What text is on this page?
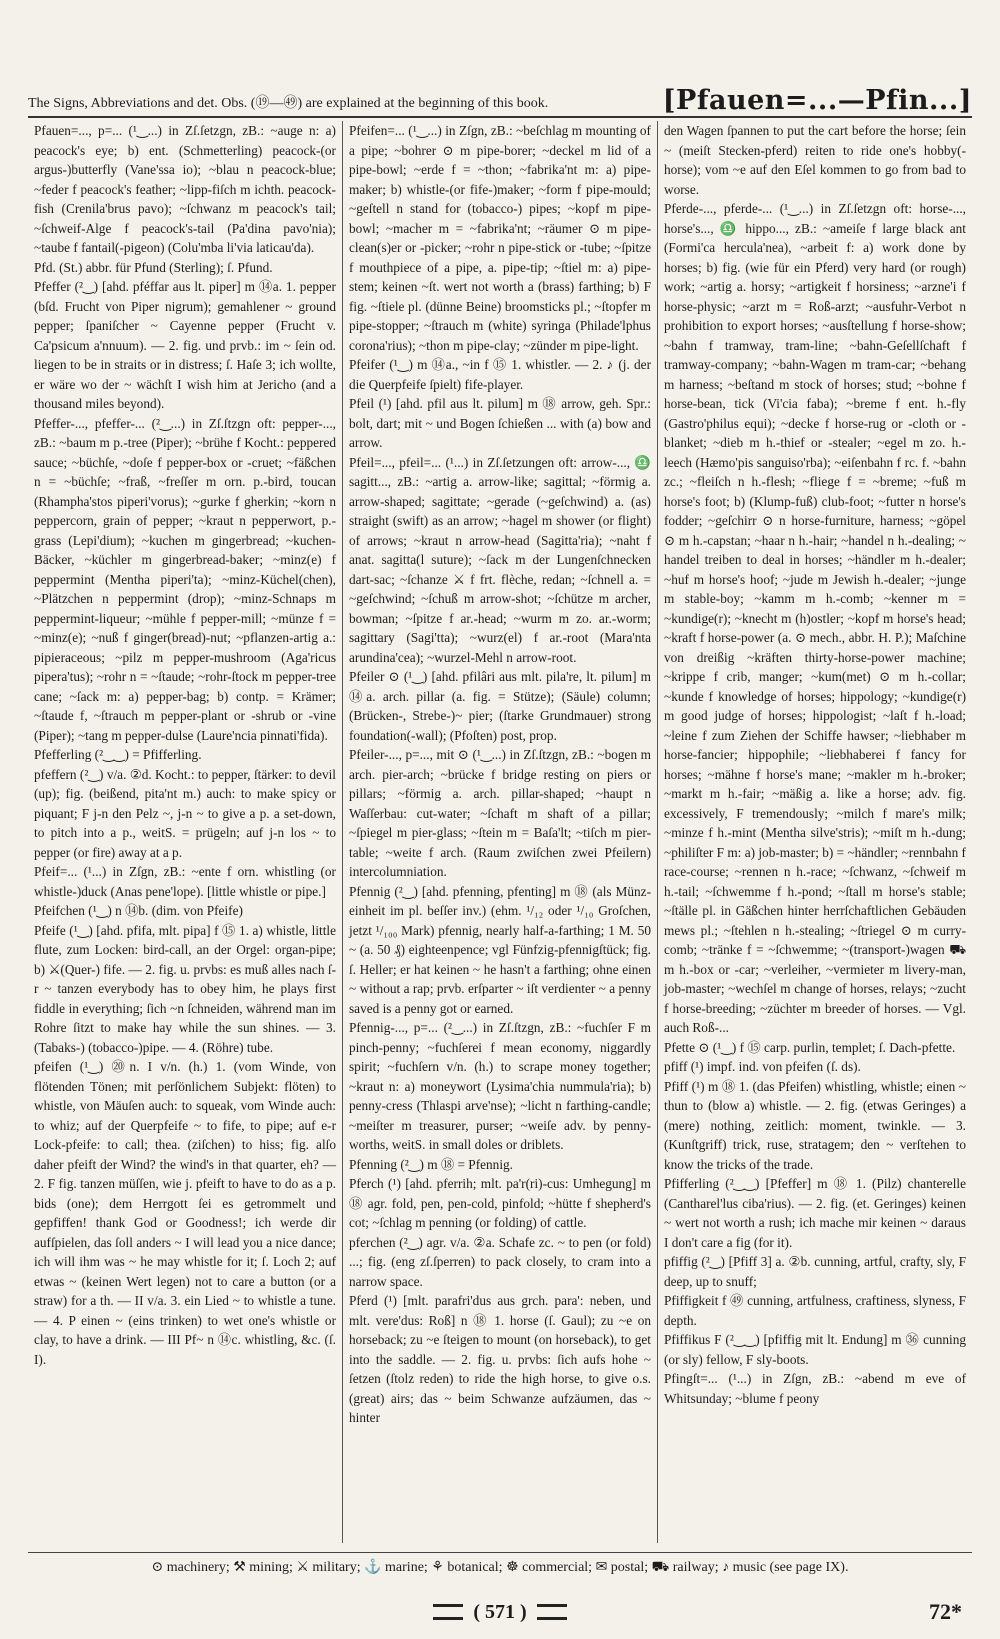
The Signs, Abbreviations and det. Obs. (⑲—㊾) are explained at the beginning of this book.	[Pfauen=...—Pfin...]

Pfauen=..., p=... (¹‿...) in Zſ.ſetzgn, zB.: ~auge n: a) peacock's eye; b) ent. (Schmetterling) peacock-(or argus-)butterfly (Vane'ssa io); ~blau n peacock-blue; ~feder f peacock's feather; ~lipp-fiſch m ichth. peacock-fish (Crenila'brus pavo); ~ſchwanz m peacock's tail; ~ſchweif-Alge f peacock's-tail (Pa'dina pavo'nia); ~taube f fantail(-pigeon) (Colu'mba li'via laticau'da).

Pfd. (St.) abbr. für Pfund (Sterling); ſ. Pfund.

Pfeffer (²‿) [ahd. pféffar aus lt. piper] m ⑭a. 1. pepper (bſd. Frucht von Piper nigrum); gemahlener ~ ground pepper; ſpaniſcher ~ Cayenne pepper (Frucht v. Ca'psicum a'nnuum). — 2. fig. und prvb.: im ~ ſein od. liegen to be in straits or in distress; ſ. Haſe 3; ich wollte, er wäre wo der ~ wächſt I wish him at Jericho (and a thousand miles beyond).

Pfeffer-..., pfeffer-... (²‿...) in Zſ.ſtzgn oft: pepper-..., zB.: ~baum m p.-tree (Piper); ~brühe f Kocht.: peppered sauce; ~büchſe, ~doſe f pepper-box or -cruet; ~fäßchen n = ~büchſe; ~fraß, ~freſſer m orn. p.-bird, toucan (Rhampha'stos piperi'vorus); ~gurke f gherkin; ~korn n peppercorn, grain of pepper; ~kraut n pepperwort, p.-grass (Lepi'dium); ~kuchen m gingerbread; ~kuchen-Bäcker, ~küchler m gingerbread-baker; ~minz(e) f peppermint (Mentha piperi'ta); ~minz-Küchel(chen), ~Plätzchen n peppermint (drop); ~minz-Schnaps m peppermint-liqueur; ~mühle f pepper-mill; ~münze f = ~minz(e); ~nuß f ginger(bread)-nut; ~pflanzen-artig a.: pipieraceous; ~pilz m pepper-mushroom (Aga'ricus pipera'tus); ~rohr n = ~ſtaude; ~rohr-ſtock m pepper-tree cane; ~ſack m: a) pepper-bag; b) contp. = Krämer; ~ſtaude f, ~ſtrauch m pepper-plant or -shrub or -vine (Piper); ~tang m pepper-dulse (Laure'ncia pinnati'fida).

Pfefferling (²‿‿) = Pfifferling.

pfeffern (²‿) v/a. ②d. Kocht.: to pepper, ſtärker: to devil (up); fig. (beißend, pita'nt m.) auch: to make spicy or piquant; F j-n den Pelz ~, j-n ~ to give a p. a set-down, to pitch into a p., weitS. = prügeln; auf j-n los ~ to pepper (or fire) away at a p.

Pfeif=... (¹...) in Zſgn, zB.: ~ente f orn. whistling (or whistle-)duck (Anas pene'lope). [little whistle or pipe.]

Pfeifchen (¹‿) n ⑭b. (dim. von Pfeife)

Pfeife (¹‿) [ahd. pfifa, mlt. pipa] f ⑮ 1. a) whistle, little flute, zum Locken: bird-call, an der Orgel: organ-pipe; b) ⚔(Quer-) fife. — 2. fig. u. prvbs: es muß alles nach ſ-r ~ tanzen everybody has to obey him, he plays first fiddle in everything; ſich ~n ſchneiden, während man im Rohre ſitzt to make hay while the sun shines. — 3. (Tabaks-) (tobacco-)pipe. — 4. (Röhre) tube.

pfeifen (¹‿) ⑳n. I v/n. (h.) 1. (vom Winde, von flötenden Tönen; mit perſönlichem Subjekt: flöten) to whistle, von Mäuſen auch: to squeak, vom Winde auch: to whiz; auf der Querpfeife ~ to fife, to pipe; auf e-r Lock-pfeife: to call; thea. (ziſchen) to hiss; fig. alſo daher pfeift der Wind? the wind's in that quarter, eh? — 2. F fig. tanzen müſſen, wie j. pfeift to have to do as a p. bids (one); dem Herrgott ſei es getrommelt und gepfiffen! thank God or Goodness!; ich werde dir aufſpielen, das ſoll anders ~ I will lead you a nice dance; ich will ihm was ~ he may whistle for it; ſ. Loch 2; auf etwas ~ (keinen Wert legen) not to care a button (or a straw) for a th. — II v/a. 3. ein Lied ~ to whistle a tune. — 4. P einen ~ (eins trinken) to wet one's whistle or clay, to have a drink. — III Pf~ n ⑭c. whistling, &c. (ſ. I).

Pfeifen=... (¹‿...) in Zſgn, zB.: ~beſchlag m mounting of a pipe; ~bohrer ⊙ m pipe-borer; ~deckel m lid of a pipe-bowl; ~erde f = ~thon; ~fabrika'nt m: a) pipe-maker; b) whistle-(or fife-)maker; ~form f pipe-mould; ~geſtell n stand for (tobacco-) pipes; ~kopf m pipe-bowl; ~macher m = ~fabrika'nt; ~räumer ⊙ m pipe-clean(s)er or -picker; ~rohr n pipe-stick or -tube; ~ſpitze f mouthpiece of a pipe, a. pipe-tip; ~ſtiel m: a) pipe-stem; keinen ~ſt. wert not worth a (brass) farthing; b) F fig. ~ſtiele pl. (dünne Beine) broomsticks pl.; ~ſtopfer m pipe-stopper; ~ſtrauch m (white) syringa (Philade'lphus corona'rius); ~thon m pipe-clay; ~zünder m pipe-light.

Pfeifer (¹‿) m ⑭a., ~in f ⑮ 1. whistler. — 2. ♪ (j. der die Querpfeife ſpielt) fife-player.

Pfeil (¹) [ahd. pfil aus lt. pilum] m ⑱ arrow, geh. Spr.: bolt, dart; mit ~ und Bogen ſchießen ... with (a) bow and arrow.

Pfeil=..., pfeil=... (¹...) in Zſ.ſetzungen oft: arrow-..., ♎ sagitt..., zB.: ~artig a. arrow-like; sagittal; ~förmig a. arrow-shaped; sagittate; ~gerade (~geſchwind) a. (as) straight (swift) as an arrow; ~hagel m shower (or flight) of arrows; ~kraut n arrow-head (Sagitta'ria); ~naht f anat. sagitta(l suture); ~ſack m der Lungenſchnecken dart-sac; ~ſchanze ⚔ f frt. flèche, redan; ~ſchnell a. = ~geſchwind; ~ſchuß m arrow-shot; ~ſchütze m archer, bowman; ~ſpitze f ar.-head; ~wurm m zo. ar.-worm; sagittary (Sagi'tta); ~wurz(el) f ar.-root (Mara'nta arundina'cea); ~wurzel-Mehl n arrow-root.

Pfeiler ⊙ (¹‿) [ahd. pfilâri aus mlt. pila're, lt. pilum] m ⑭a. arch. pillar (a. fig. = Stütze); (Säule) column; (Brücken-, Strebe-)~ pier; (ſtarke Grundmauer) strong foundation(-wall); (Pfoſten) post, prop.

Pfeiler-..., p=..., mit ⊙ (¹‿...) in Zſ.ſtzgn, zB.: ~bogen m arch. pier-arch; ~brücke f bridge resting on piers or pillars; ~förmig a. arch. pillar-shaped; ~haupt n Waſſerbau: cut-water; ~ſchaft m shaft of a pillar; ~ſpiegel m pier-glass; ~ſtein m = Baſa'lt; ~tiſch m pier-table; ~weite f arch. (Raum zwiſchen zwei Pfeilern) intercolumniation.

Pfennig (²‿) [ahd. pfenning, pfenting] m ⑱ (als Münz-einheit im pl. beſſer inv.) (ehm. ¹/₁₂ oder ¹/₁₀ Groſchen, jetzt ¹/₁₀₀ Mark) pfennig, nearly half-a-farthing; 1 M. 50 ~ (a. 50 ₰) eighteenpence; vgl Fünfzig-pfennigſtück; fig. ſ. Heller; er hat keinen ~ he hasn't a farthing; ohne einen ~ without a rap; prvb. erſparter ~ iſt verdienter ~ a penny saved is a penny got or earned.

Pfennig-..., p=... (²‿...) in Zſ.ſtzgn, zB.: ~fuchſer F m pinch-penny; ~fuchſerei f mean economy, niggardly spirit; ~fuchſern v/n. (h.) to scrape money together; ~kraut n: a) moneywort (Lysima'chia nummula'ria); b) penny-cress (Thlaspi arve'nse); ~licht n farthing-candle; ~meiſter m treasurer, purser; ~weiſe adv. by penny-worths, weitS. in small doles or driblets.

Pfenning (²‿) m ⑱ = Pfennig.

Pferch (¹) [ahd. pferrih; mlt. pa'r(ri)-cus: Umhegung] m ⑱ agr. fold, pen, pen-cold, pinfold; ~hütte f shepherd's cot; ~ſchlag m penning (or folding) of cattle.

pferchen (²‿) agr. v/a. ②a. Schafe zc. ~ to pen (or fold) ...; fig. (eng zſ.ſperren) to pack closely, to cram into a narrow space.

Pferd (¹) [mlt. parafri'dus aus grch. para': neben, und mlt. vere'dus: Roß] n ⑱ 1. horse (ſ. Gaul); zu ~e on horseback; zu ~e ſteigen to mount (on horseback), to get into the saddle. — 2. fig. u. prvbs: ſich aufs hohe ~ ſetzen (ſtolz reden) to ride the high horse, to give o.s. (great) airs; das ~ beim Schwanze aufzäumen, das ~ hinter

den Wagen ſpannen to put the cart before the horse; ſein ~ (meiſt Stecken-pferd) reiten to ride one's hobby(-horse); vom ~e auf den Eſel kommen to go from bad to worse.

Pferde-..., pferde-... (¹‿...) in Zſ.ſetzgn oft: horse-..., horse's..., ♎ hippo..., zB.: ~ameiſe f large black ant (Formi'ca hercula'nea), ~arbeit f: a) work done by horses; b) fig. (wie für ein Pferd) very hard (or rough) work; ~artig a. horsy; ~artigkeit f horsiness; ~arzne'i f horse-physic; ~arzt m = Roß-arzt; ~ausfuhr-Verbot n prohibition to export horses; ~ausſtellung f horse-show; ~bahn f tramway, tram-line; ~bahn-Geſellſchaft f tramway-company; ~bahn-Wagen m tram-car; ~behang m harness; ~beſtand m stock of horses; stud; ~bohne f horse-bean, tick (Vi'cia faba); ~breme f ent. h.-fly (Gastro'philus equi); ~decke f horse-rug or -cloth or -blanket; ~dieb m h.-thief or -stealer; ~egel m zo. h.-leech (Hæmo'pis sanguiso'rba); ~eiſenbahn f rc. f. ~bahn zc.; ~fleiſch n h.-flesh; ~fliege f = ~breme; ~fuß m horse's foot; b) (Klump-fuß) club-foot; ~futter n horse's fodder; ~geſchirr ⊙ n horse-furniture, harness; ~göpel ⊙ m h.-capstan; ~haar n h.-hair; ~handel n h.-dealing; ~ handel treiben to deal in horses; ~händler m h.-dealer; ~huf m horse's hoof; ~jude m Jewish h.-dealer; ~junge m stable-boy; ~kamm m h.-comb; ~kenner m = ~kundige(r); ~knecht m (h)ostler; ~kopf m horse's head; ~kraft f horse-power (a. ⊙ mech., abbr. H. P.); Maſchine von dreißig ~kräften thirty-horse-power machine; ~krippe f crib, manger; ~kum(met) ⊙ m h.-collar; ~kunde f knowledge of horses; hippology; ~kundige(r) m good judge of horses; hippologist; ~laſt f h.-load; ~leine f zum Ziehen der Schiffe hawser; ~liebhaber m horse-fancier; hippophile; ~liebhaberei f fancy for horses; ~mähne f horse's mane; ~makler m h.-broker; ~markt m h.-fair; ~mäßig a. like a horse; adv. fig. excessively, F tremendously; ~milch f mare's milk; ~minze f h.-mint (Mentha silve'stris); ~miſt m h.-dung; ~philiſter F m: a) job-master; b) = ~händler; ~rennbahn f race-course; ~rennen n h.-race; ~ſchwanz, ~ſchweif m h.-tail; ~ſchwemme f h.-pond; ~ſtall m horse's stable; ~ſtälle pl. in Gäßchen hinter herrſchaftlichen Gebäuden mews pl.; ~ſtehlen n h.-stealing; ~ſtriegel ⊙ m curry-comb; ~tränke f = ~ſchwemme; ~(transport-)wagen ⛟ m h.-box or -car; ~verleiher, ~vermieter m livery-man, job-master; ~wechſel m change of horses, relays; ~zucht f horse-breeding; ~züchter m breeder of horses. — Vgl. auch Roß-...

Pfette ⊙ (¹‿) f ⑮ carp. purlin, templet; ſ. Dach-pfette.

pfiff (¹) impf. ind. von pfeifen (ſ. ds).

Pfiff (¹) m ⑱ 1. (das Pfeifen) whistling, whistle; einen ~ thun to (blow a) whistle. — 2. fig. (etwas Geringes) a (mere) nothing, zeitlich: moment, twinkle. — 3. (Kunſtgriff) trick, ruse, stratagem; den ~ verſtehen to know the tricks of the trade.

Pfifferling (²‿‿) [Pfeffer] m ⑱ 1. (Pilz) chanterelle (Cantharel'lus ciba'rius). — 2. fig. (et. Geringes) keinen ~ wert not worth a rush; ich mache mir keinen ~ daraus I don't care a fig (for it).

pfiffig (²‿) [Pfiff 3] a. ②b. cunning, artful, crafty, sly, F deep, up to snuff;

Pfiffigkeit f ㊾ cunning, artfulness, craftiness, slyness, F depth.

Pfiffikus F (²‿‿) [pfiffig mit lt. Endung] m ㊱ cunning (or sly) fellow, F sly-boots.

Pfingſt=... (¹...) in Zſgn, zB.: ~abend m eve of Whitsunday; ~blume f peony

⊙ machinery; ⚒ mining; ⚔ military; ⚓ marine; ⚘ botanical; ☸ commercial; ✉ postal; ⛟ railway; ♪ music (see page IX).
( 571 )	72*
